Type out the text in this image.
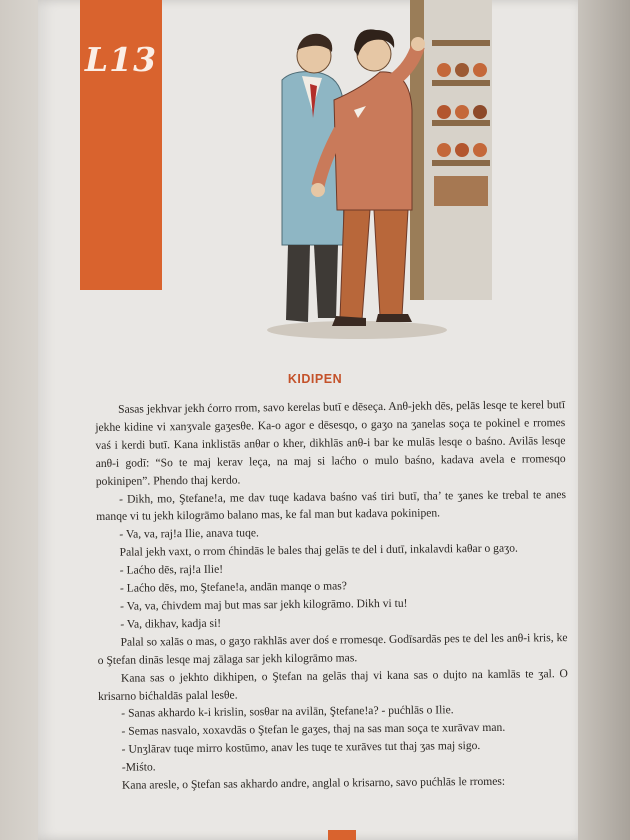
L13
KIDIPEN

Sasas jekhvar jekh ćorro rrom, savo kerelas butī e dēseça. Anθ-jekh dēs, pelās lesqe te kerel butī jekhe kidine vi xanʒvale gaʒesθe. Ka-o agor e dēsesqo, o gaʒo na ʒanelas soça te pokinel e rromes vaś i kerdi butī. Kana inklistās anθar o kher, dikhlās anθ-i bar ke mulās lesqe o baśno. Avilās lesqe anθ-i godī: “So te maj kerav leça, na maj si laćho o mulo baśno, kadava avela e rromesqo pokinipen”. Phendo thaj kerdo.

- Dikh, mo, Ştefane!a, me dav tuqe kadava baśno vaś tiri butī, tha’ te ʒanes ke trebal te anes manqe vi tu jekh kilogrāmo balano mas, ke fal man but kadava pokinipen.

- Va, va, raj!a Ilie, anava tuqe.

Palal jekh vaxt, o rrom ćhindās le bales thaj gelās te del i dutī, inkalavdi kaθar o gaʒo.

- Laćho dēs, raj!a Ilie!

- Laćho dēs, mo, Ştefane!a, andān manqe o mas?

- Va, va, ćhivdem maj but mas sar jekh kilogrāmo. Dikh vi tu!

- Va, dikhav, kadja si!

Palal so xalās o mas, o gaʒo rakhlās aver doś e rromesqe. Godīsardās pes te del les anθ-i kris, ke o Ştefan dinās lesqe maj zālaga sar jekh kilogrāmo mas.

Kana sas o jekhto dikhipen, o Ştefan na gelās thaj vi kana sas o dujto na kamlās te ʒal. O krisarno bićhaldās palal lesθe.

- Sanas akhardo k-i krislin, sosθar na avilān, Ştefane!a? - pućhlās o Ilie.

- Semas nasvalo, xoxavdās o Ştefan le gaʒes, thaj na sas man soça te xurāvav man.

- Unʒlārav tuqe mirro kostūmo, anav les tuqe te xurāves tut thaj ʒas maj sigo.

-Miśto.

Kana aresle, o Ştefan sas akhardo andre, anglal o krisarno, savo pućhlās le rromes:
